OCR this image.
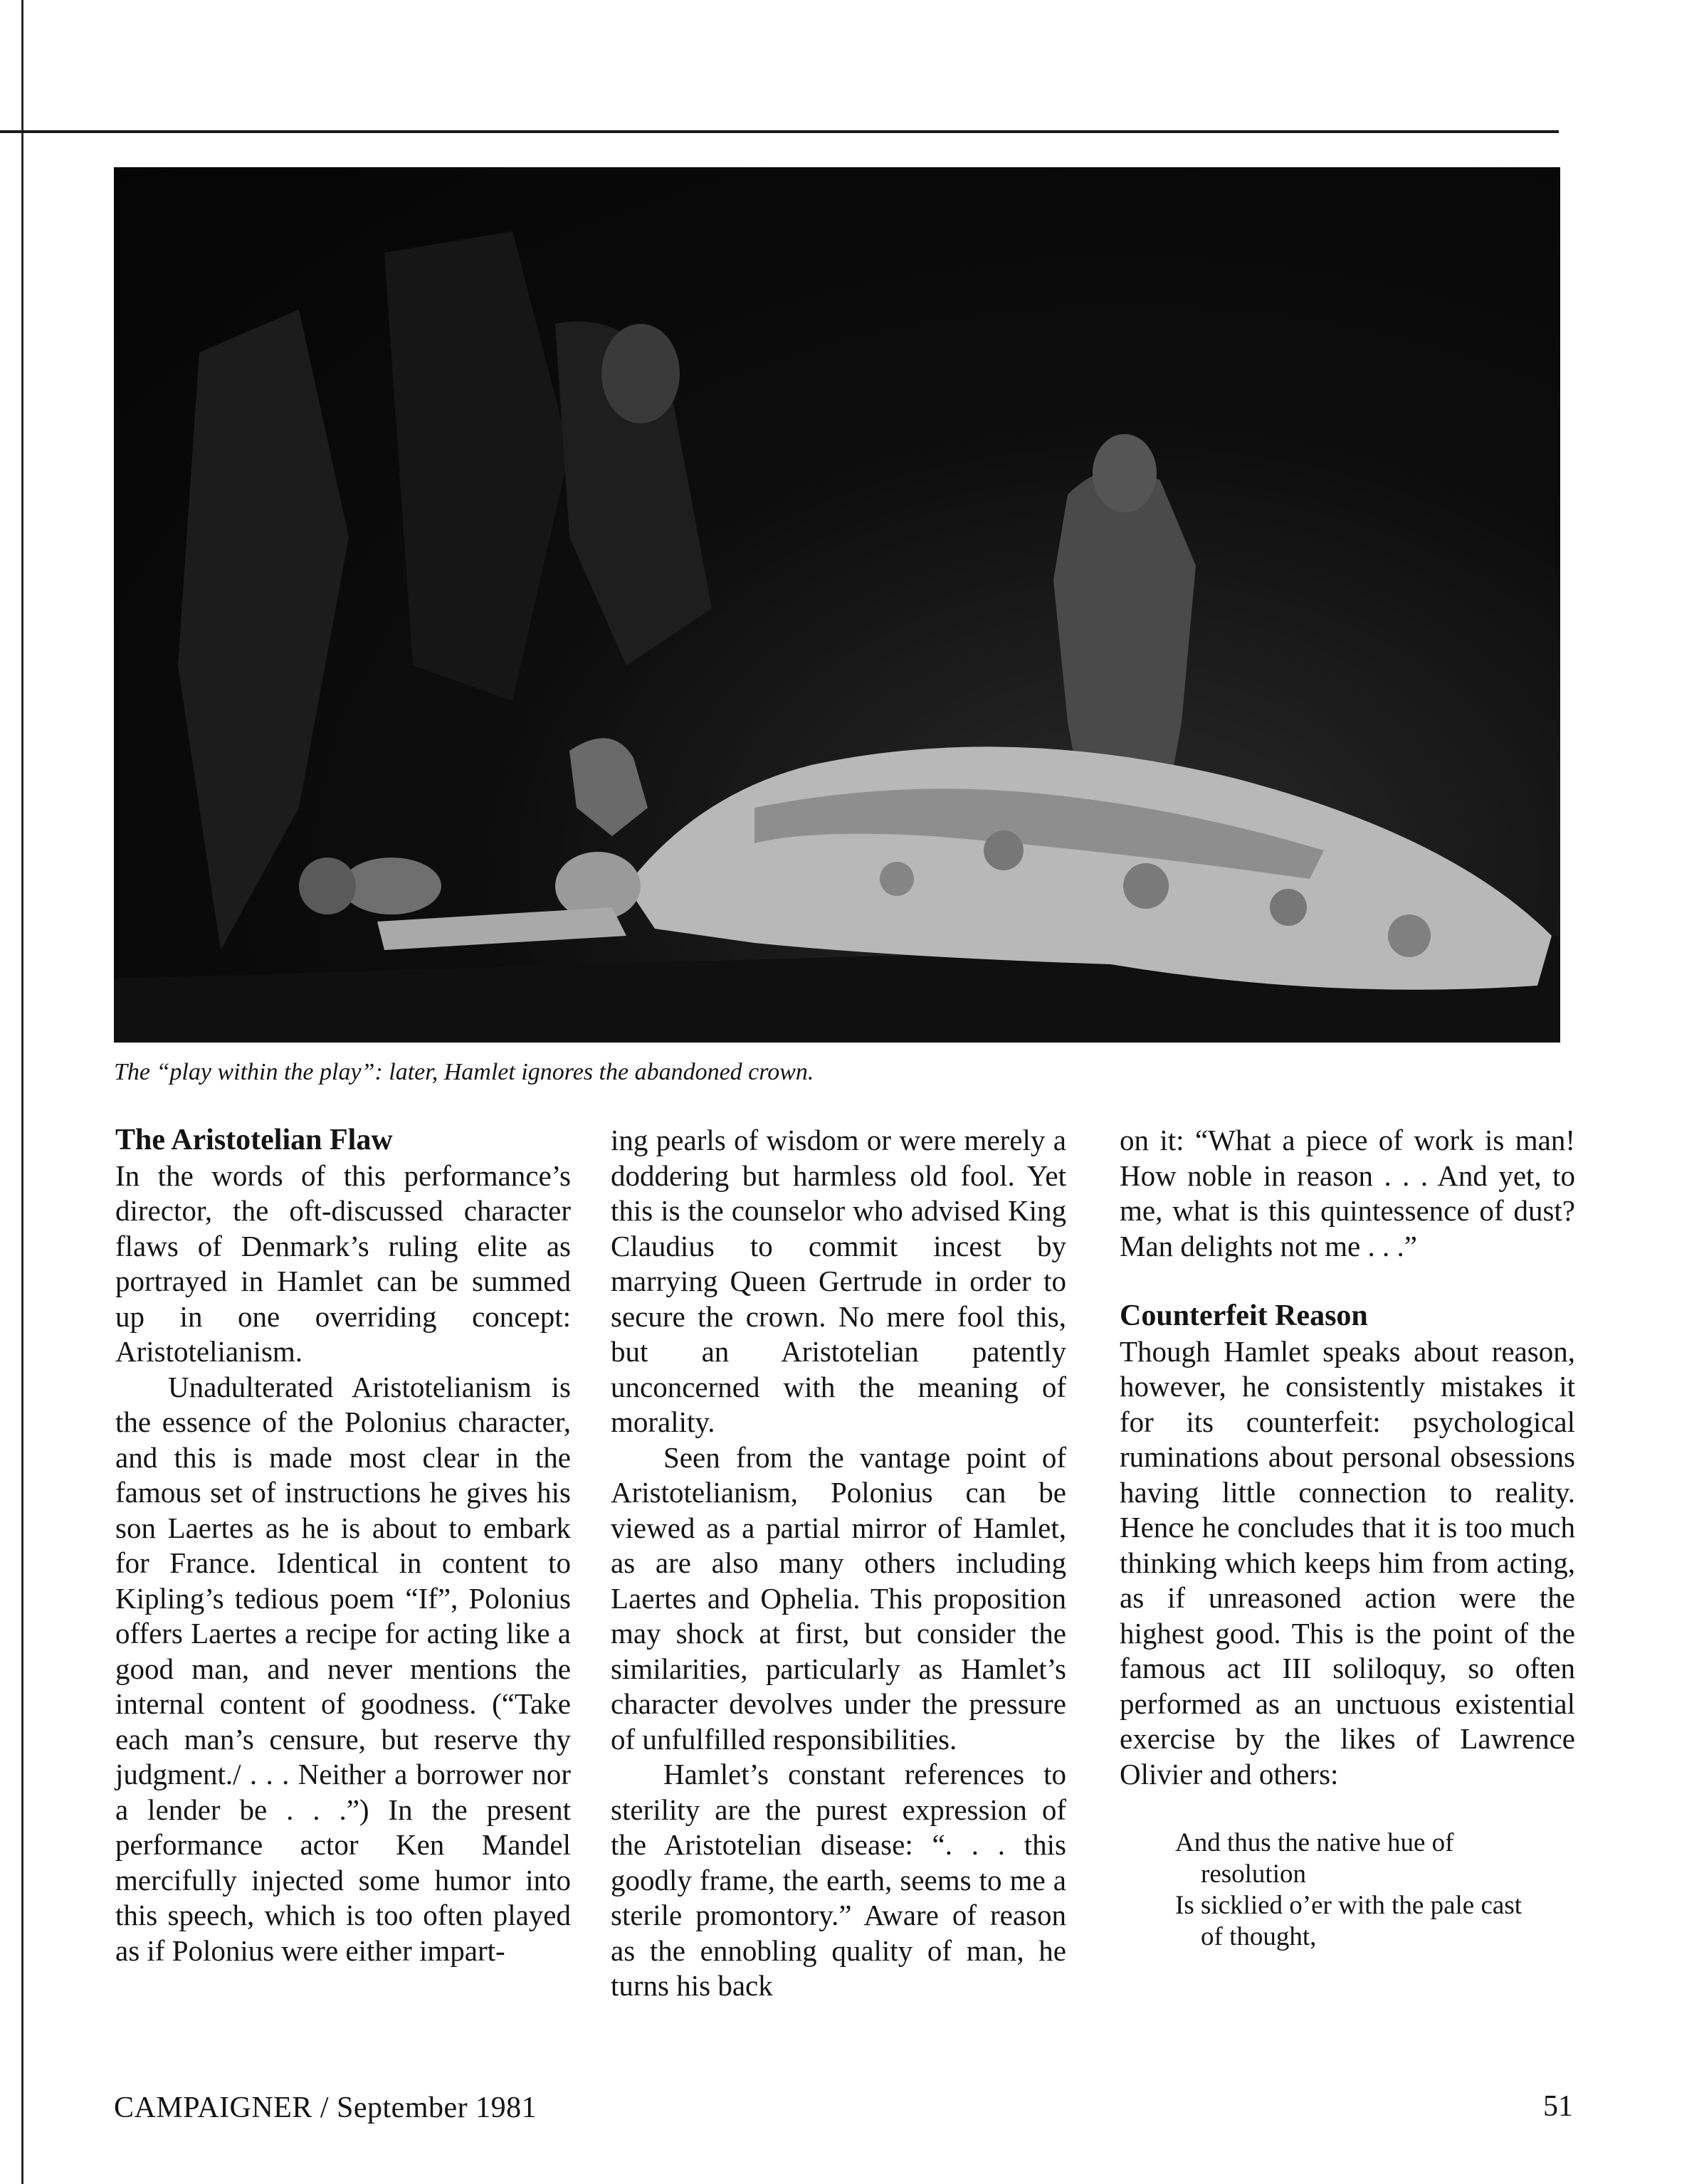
The “play within the play”: later, Hamlet ignores the abandoned crown.

The Aristotelian Flaw

In the words of this performance’s director, the oft-discussed character flaws of Denmark’s ruling elite as portrayed in Hamlet can be summed up in one overriding concept: Aristotelianism.

Unadulterated Aristotelianism is the essence of the Polonius character, and this is made most clear in the famous set of instructions he gives his son Laertes as he is about to embark for France. Identical in content to Kipling’s tedious poem “If”, Polonius offers Laertes a recipe for acting like a good man, and never mentions the internal content of goodness. (“Take each man’s censure, but reserve thy judgment./ . . . Neither a borrower nor a lender be . . .”) In the present performance actor Ken Mandel mercifully injected some humor into this speech, which is too often played as if Polonius were either impart-

ing pearls of wisdom or were merely a doddering but harmless old fool. Yet this is the counselor who advised King Claudius to commit incest by marrying Queen Gertrude in order to secure the crown. No mere fool this, but an Aristotelian patently unconcerned with the meaning of morality.

Seen from the vantage point of Aristotelianism, Polonius can be viewed as a partial mirror of Hamlet, as are also many others including Laertes and Ophelia. This proposition may shock at first, but consider the similarities, particularly as Hamlet’s character devolves under the pressure of unfulfilled responsibilities.

Hamlet’s constant references to sterility are the purest expression of the Aristotelian disease: “. . . this goodly frame, the earth, seems to me a sterile promontory.” Aware of reason as the ennobling quality of man, he turns his back

on it: “What a piece of work is man! How noble in reason . . . And yet, to me, what is this quintessence of dust? Man delights not me . . .”

Counterfeit Reason

Though Hamlet speaks about reason, however, he consistently mistakes it for its counterfeit: psychological ruminations about personal obsessions having little connection to reality. Hence he concludes that it is too much thinking which keeps him from acting, as if unreasoned action were the highest good. This is the point of the famous act III soliloquy, so often performed as an unctuous existential exercise by the likes of Lawrence Olivier and others:

And thus the native hue of
resolution
Is sicklied o’er with the pale cast
of thought,
CAMPAIGNER / September 1981	51
